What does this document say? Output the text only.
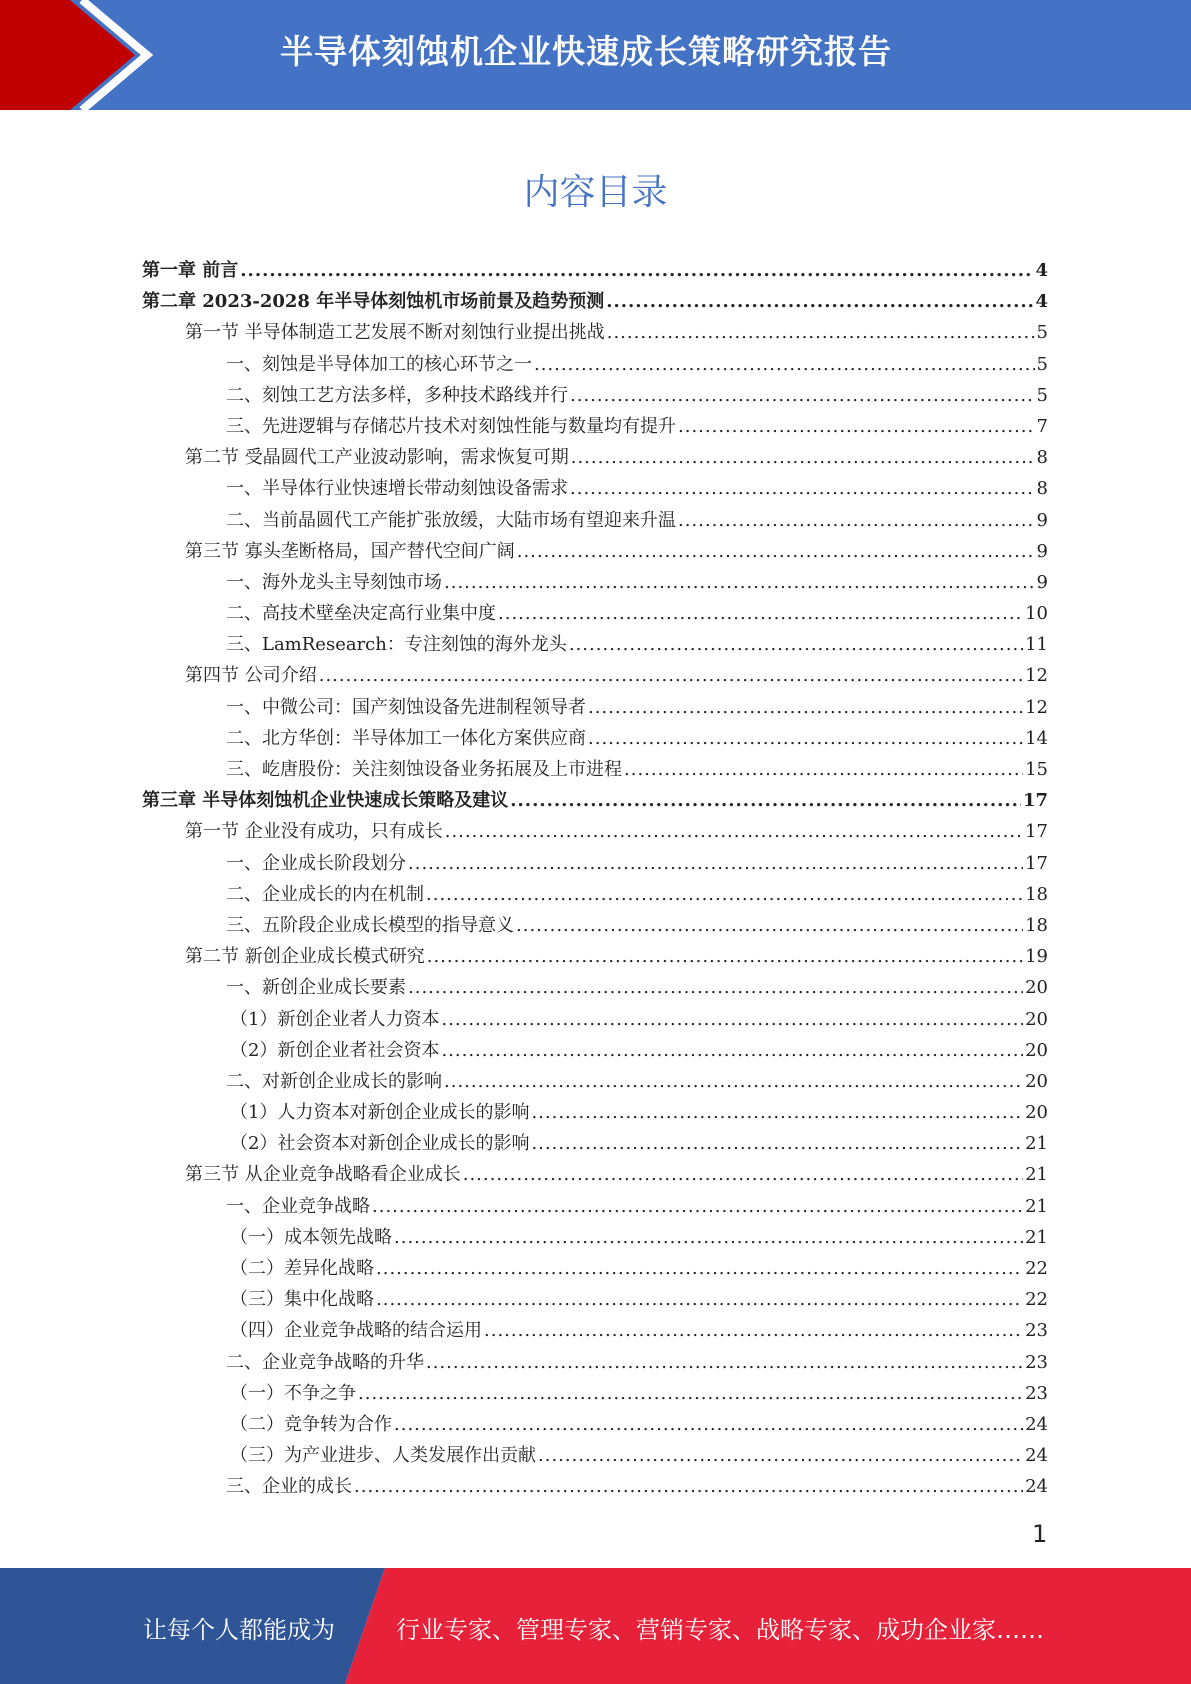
半导体刻蚀机企业快速成长策略研究报告
内容目录
第一章 前言 .....	4
第二章 2023-2028 年半导体刻蚀机市场前景及趋势预测 .....	4
第一节 半导体制造工艺发展不断对刻蚀行业提出挑战 .....	5
一、刻蚀是半导体加工的核心环节之一 .....	5
二、刻蚀工艺方法多样，多种技术路线并行 .....	5
三、先进逻辑与存储芯片技术对刻蚀性能与数量均有提升 .....	7
第二节 受晶圆代工产业波动影响，需求恢复可期 .....	8
一、半导体行业快速增长带动刻蚀设备需求 .....	8
二、当前晶圆代工产能扩张放缓，大陆市场有望迎来升温 .....	9
第三节 寡头垄断格局，国产替代空间广阔 .....	9
一、海外龙头主导刻蚀市场 .....	9
二、高技术壁垒决定高行业集中度 .....	10
三、LamResearch：专注刻蚀的海外龙头 .....	11
第四节 公司介绍 .....	12
一、中微公司：国产刻蚀设备先进制程领导者 .....	12
二、北方华创：半导体加工一体化方案供应商 .....	14
三、屹唐股份：关注刻蚀设备业务拓展及上市进程 .....	15
第三章 半导体刻蚀机企业快速成长策略及建议 .....	17
第一节 企业没有成功，只有成长 .....	17
一、企业成长阶段划分 .....	17
二、企业成长的内在机制 .....	18
三、五阶段企业成长模型的指导意义 .....	18
第二节 新创企业成长模式研究 .....	19
一、新创企业成长要素 .....	20
（1）新创企业者人力资本 .....	20
（2）新创企业者社会资本 .....	20
二、对新创企业成长的影响 .....	20
（1）人力资本对新创企业成长的影响 .....	20
（2）社会资本对新创企业成长的影响 .....	21
第三节 从企业竞争战略看企业成长 .....	21
一、企业竞争战略 .....	21
（一）成本领先战略 .....	21
（二）差异化战略 .....	22
（三）集中化战略 .....	22
（四）企业竞争战略的结合运用 .....	23
二、企业竞争战略的升华 .....	23
（一）不争之争 .....	23
（二）竞争转为合作 .....	24
（三）为产业进步、人类发展作出贡献 .....	24
三、企业的成长 .....	24
1
让每个人都能成为	行业专家、管理专家、营销专家、战略专家、成功企业家……
